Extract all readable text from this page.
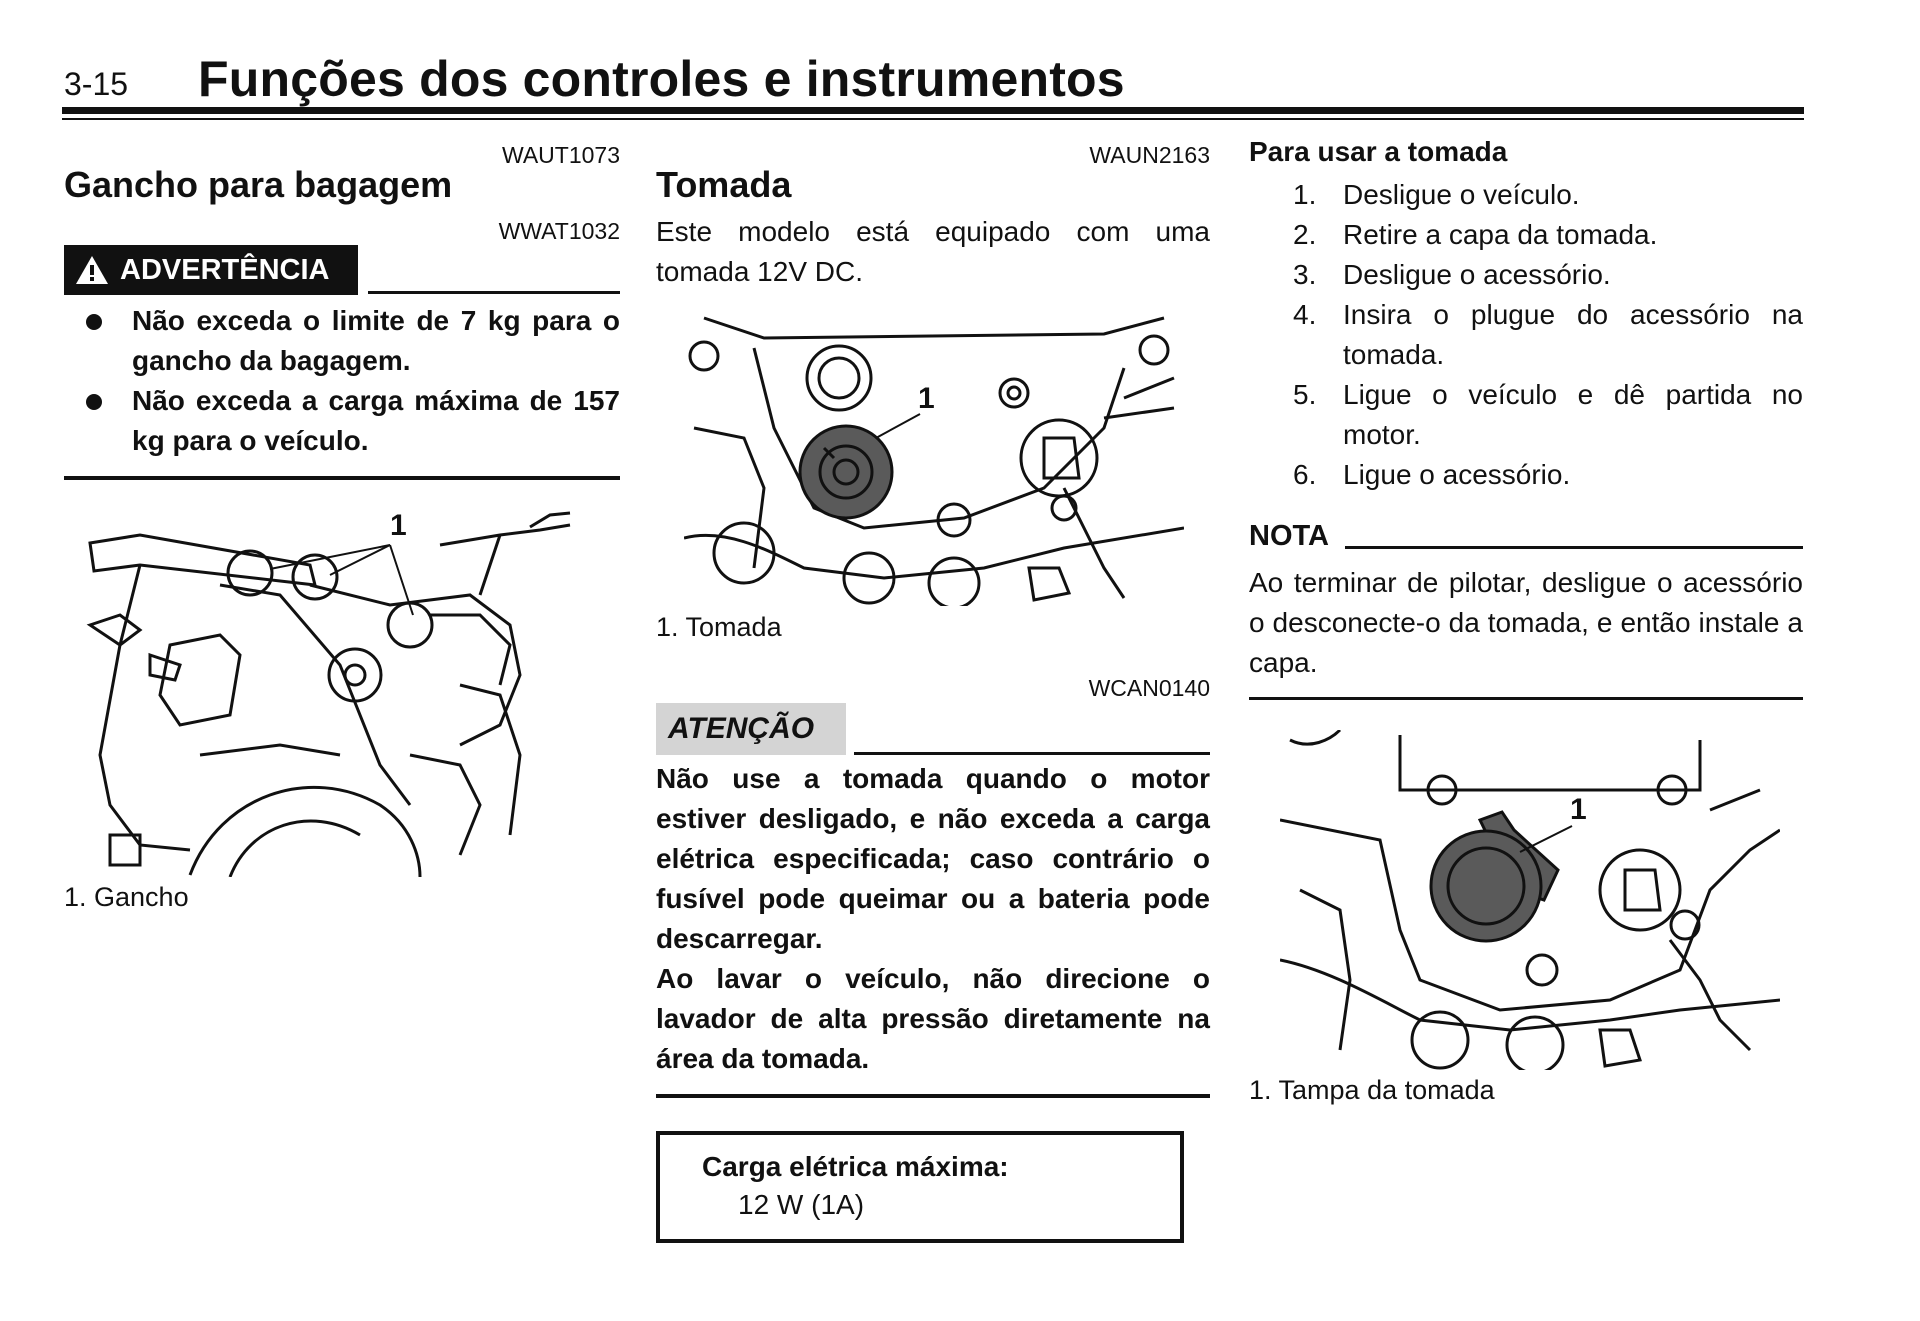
3-15 Funções dos controles e instrumentos
WAUT1073
Gancho para bagagem
WWAT1032
ADVERTÊNCIA
Não exceda o limite de 7 kg para o gancho da bagagem.
Não exceda a carga máxima de 157 kg para o veículo.
1
1. Gancho
WAUN2163
Tomada
Este modelo está equipado com uma tomada 12V DC.
1
1. Tomada
WCAN0140
ATENÇÃO
Não use a tomada quando o motor estiver desligado, e não exceda a carga elétrica especificada; caso contrário o fusível pode queimar ou a bateria pode descarregar.
Ao lavar o veículo, não direcione o lavador de alta pressão diretamente na área da tomada.
Carga elétrica máxima:
12 W (1A)
Para usar a tomada
1. Desligue o veículo.
2. Retire a capa da tomada.
3. Desligue o acessório.
4. Insira o plugue do acessório na tomada.
5. Ligue o veículo e dê partida no motor.
6. Ligue o acessório.
NOTA
Ao terminar de pilotar, desligue o acessório o desconecte-o da tomada, e então instale a capa.
1
1. Tampa da tomada
